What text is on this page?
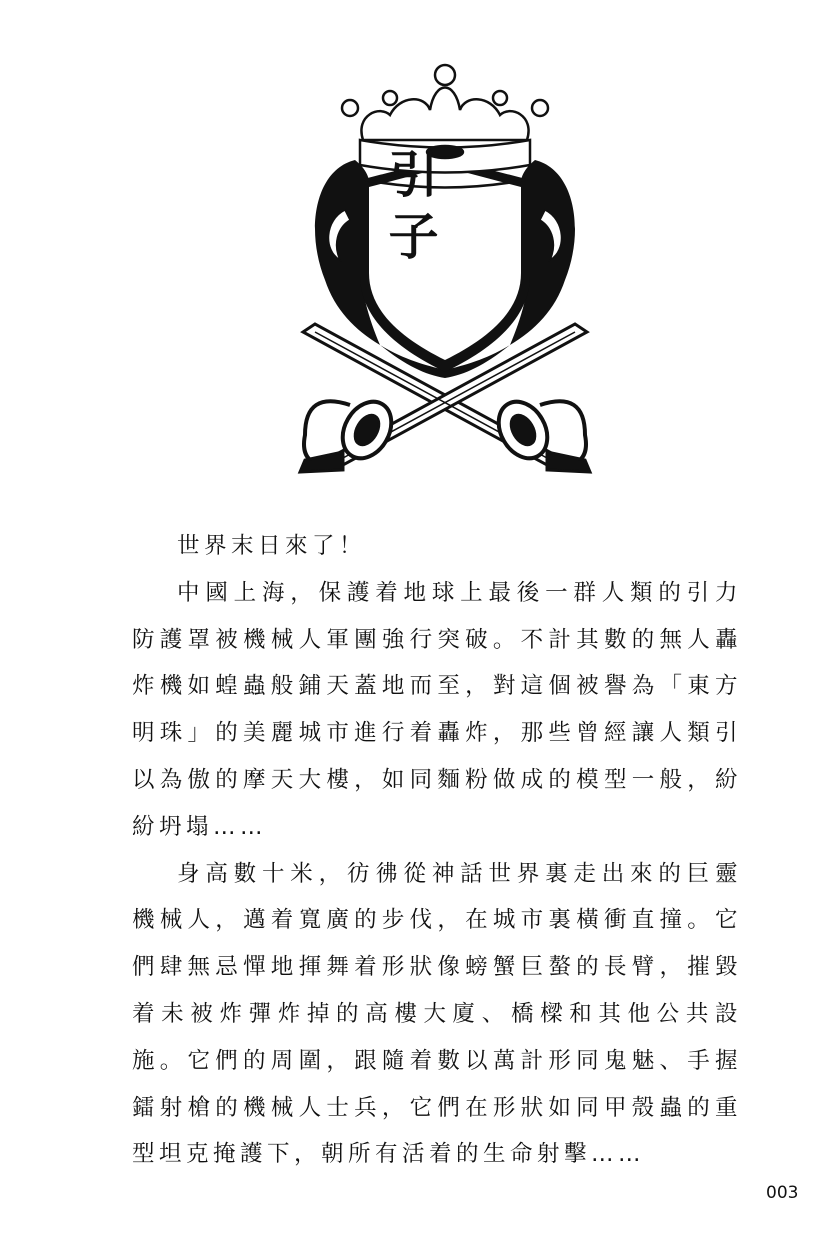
引
子

世界末日來了！

中國上海，保護着地球上最後一群人類的引力防護罩被機械人軍團強行突破。不計其數的無人轟炸機如蝗蟲般鋪天蓋地而至，對這個被譽為「東方明珠」的美麗城市進行着轟炸，那些曾經讓人類引以為傲的摩天大樓，如同麵粉做成的模型一般，紛紛坍塌……

身高數十米，彷彿從神話世界裏走出來的巨靈機械人，邁着寬廣的步伐，在城市裏橫衝直撞。它們肆無忌憚地揮舞着形狀像螃蟹巨螯的長臂，摧毀着未被炸彈炸掉的高樓大廈、橋樑和其他公共設施。它們的周圍，跟隨着數以萬計形同鬼魅、手握鐳射槍的機械人士兵，它們在形狀如同甲殼蟲的重型坦克掩護下，朝所有活着的生命射擊……

003
